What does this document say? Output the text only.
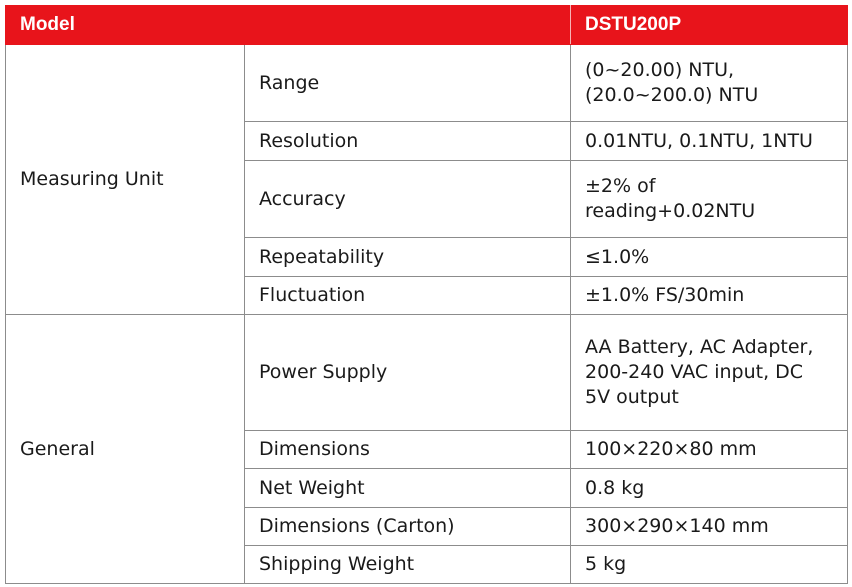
Model		DSTU200P
Measuring Unit	Range	(0~20.00) NTU,
(20.0~200.0) NTU

	Resolution	0.01NTU, 0.1NTU, 1NTU
	Accuracy	±2% of
reading+0.02NTU

	Repeatability	≤1.0%
	Fluctuation	±1.0% FS/30min
General	Power Supply	AA Battery, AC Adapter,
200-240 VAC input, DC
5V output

	Dimensions	100×220×80 mm
	Net Weight	0.8 kg
	Dimensions (Carton)	300×290×140 mm
	Shipping Weight	5 kg
